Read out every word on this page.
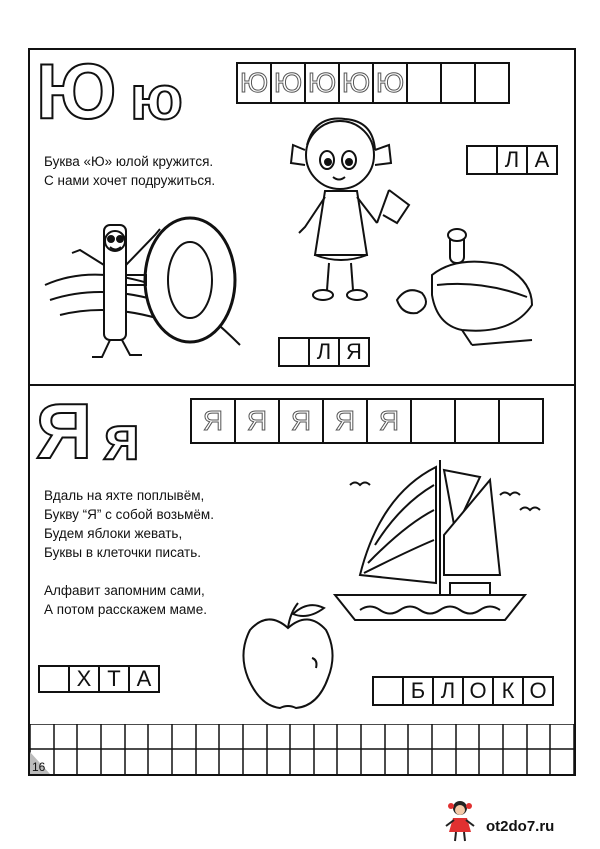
Ю ю Ю Ю Ю Ю Ю
Буква «Ю» юлой кружится.
С нами хочет подружиться.
Л А
Л Я
Я я Я Я Я Я Я
Вдаль на яхте поплывём,
Букву “Я” с собой возьмём.
Будем яблоки жевать,
Буквы в клеточки писать.
Алфавит запомним сами,
А потом расскажем маме.
Х Т А	Б Л О К О
16
ot2do7.ru
